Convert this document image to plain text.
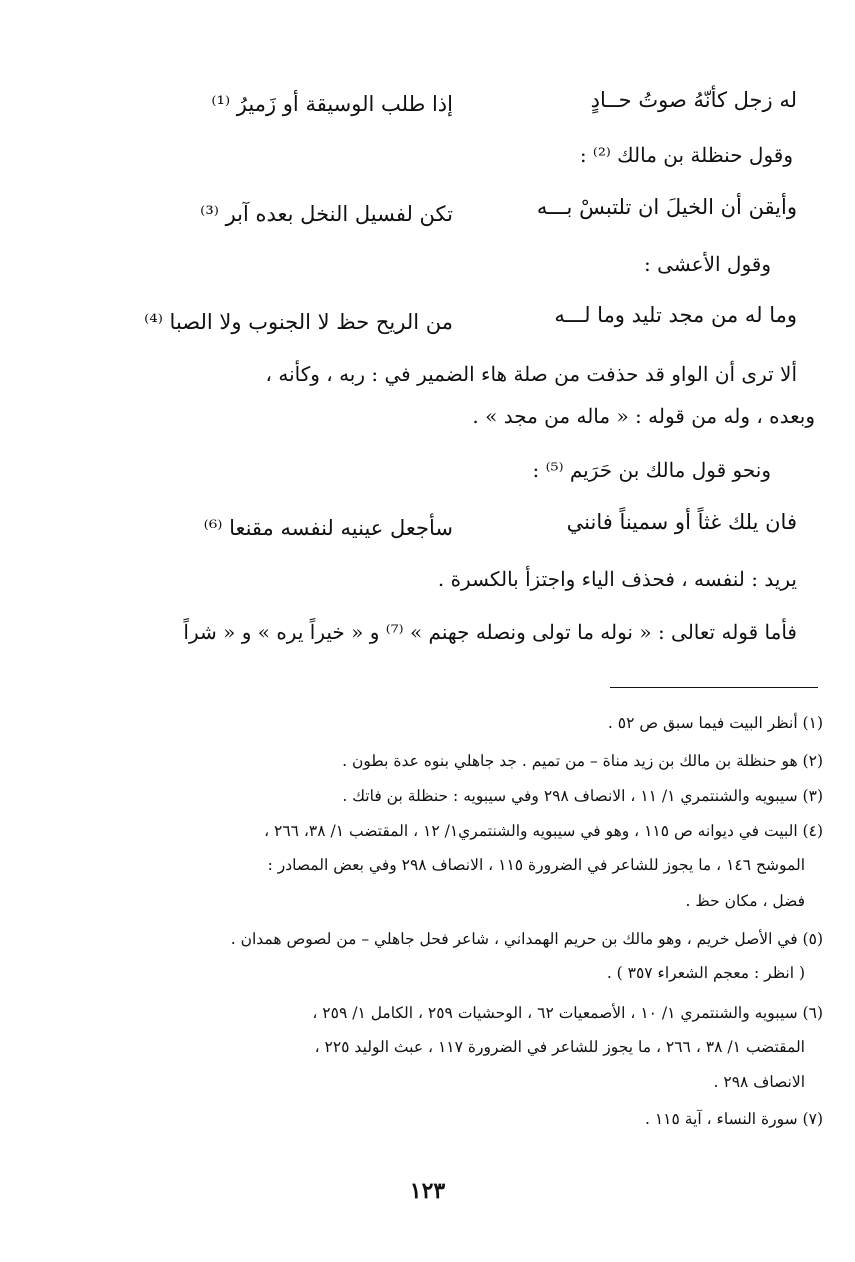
له زجل كأنّهُ صوتُ حــادٍ
إذا طلب الوسيقة أو زَميرُ ⁽¹⁾
وقول حنظلة بن مالك ⁽²⁾ :
وأيقن أن الخيلَ ان تلتبسْ بـــه
تكن لفسيل النخل بعده آبر ⁽³⁾
وقول الأعشى :
وما له من مجد تليد وما لـــه
من الريح حظ لا الجنوب ولا الصبا ⁽⁴⁾
ألا ترى أن الواو قد حذفت من صلة هاء الضمير في : ربه ، وكأنه ،
وبعده ، وله من قوله : « ماله من مجد » .
ونحو قول مالك بن حَرَيم ⁽⁵⁾ :
فان يلك غثاً أو سميناً فانني
سأجعل عينيه لنفسه مقنعا ⁽⁶⁾
يريد : لنفسه ، فحذف الياء واجتزأ بالكسرة .
فأما قوله تعالى : « نوله ما تولى ونصله جهنم » ⁽⁷⁾ و « خيراً يره » و « شراً
(١) أنظر البيت فيما سبق ص ٥٢ .
(٢) هو حنظلة بن مالك بن زيد مناة – من تميم . جد جاهلي بنوه عدة بطون .
(٣) سيبويه والشنتمري ١/ ١١ ، الانصاف ٢٩٨ وفي سيبويه : حنظلة بن فاتك .
(٤) البيت في ديوانه ص ١١٥ ، وهو في سيبويه والشنتمري١/ ١٢ ، المقتضب ١/ ٣٨، ٢٦٦ ،
الموشح ١٤٦ ، ما يجوز للشاعر في الضرورة ١١٥ ، الانصاف ٢٩٨ وفي بعض المصادر :
فضل ، مكان حظ .
(٥) في الأصل خريم ، وهو مالك بن حريم الهمداني ، شاعر فحل جاهلي – من لصوص همدان .
( انظر : معجم الشعراء ٣٥٧ ) .
(٦) سيبويه والشنتمري ١/ ١٠ ، الأصمعيات ٦٢ ، الوحشيات ٢٥٩ ، الكامل ١/ ٢٥٩ ،
المقتضب ١/ ٣٨ ، ٢٦٦ ، ما يجوز للشاعر في الضرورة ١١٧ ، عبث الوليد ٢٢٥ ،
الانصاف ٢٩٨ .
(٧) سورة النساء ، آية ١١٥ .
١٢٣
